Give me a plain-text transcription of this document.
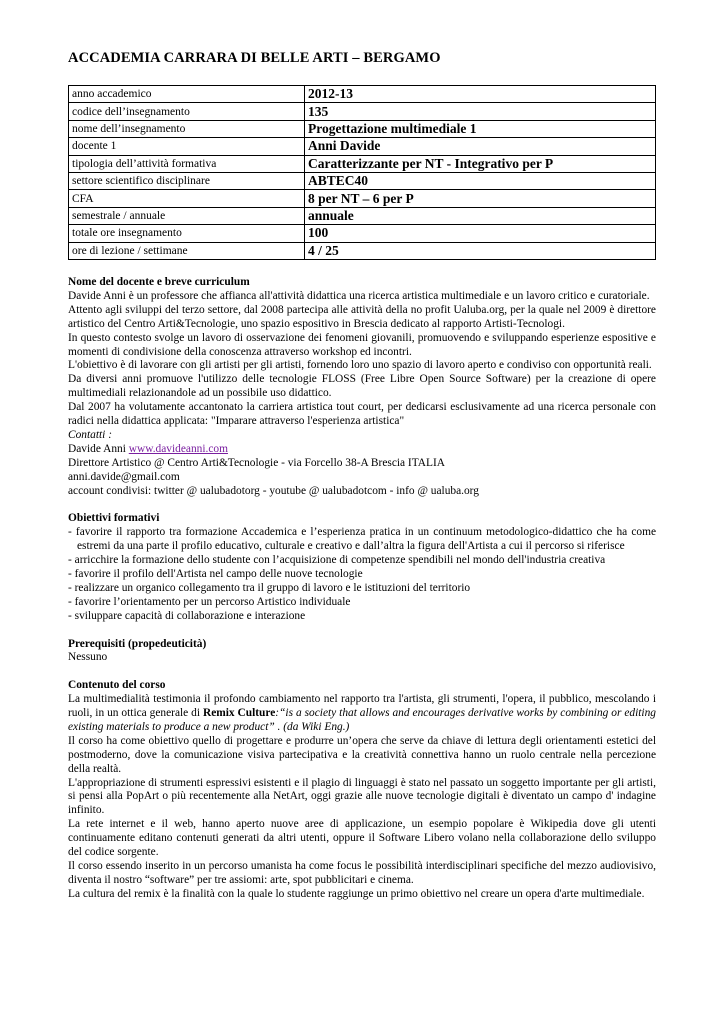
ACCADEMIA CARRARA DI BELLE ARTI – BERGAMO
anno accademico	2012-13
codice dell’insegnamento	135
nome dell’insegnamento	Progettazione multimediale 1
docente 1	Anni Davide
tipologia dell’attività formativa	Caratterizzante per NT - Integrativo per P
settore scientifico disciplinare	ABTEC40
CFA	8 per NT – 6 per P
semestrale / annuale	annuale
totale ore insegnamento	100
ore di lezione / settimane	4 / 25

Nome del docente e breve curriculum

Davide Anni è un professore che affianca all'attività didattica una ricerca artistica multimediale e un lavoro critico e curatoriale.

Attento agli sviluppi del terzo settore, dal 2008 partecipa alle attività della no profit Ualuba.org, per la quale nel 2009 è direttore artistico del Centro Arti&Tecnologie, uno spazio espositivo in Brescia dedicato al rapporto Artisti-Tecnologi.

In questo contesto svolge un lavoro di osservazione dei fenomeni giovanili, promuovendo e sviluppando esperienze espositive e momenti di condivisione della conoscenza attraverso workshop ed incontri.

L'obiettivo è di lavorare con gli artisti per gli artisti, fornendo loro uno spazio di lavoro aperto e condiviso con opportunità reali.

Da diversi anni promuove l'utilizzo delle tecnologie FLOSS (Free Libre Open Source Software) per la creazione di opere multimediali relazionandole ad un possibile uso didattico.

Dal 2007 ha volutamente accantonato la carriera artistica tout court, per dedicarsi esclusivamente ad una ricerca personale con radici nella didattica applicata: "Imparare attraverso l'esperienza artistica"

Contatti :

Davide Anni www.davideanni.com

Direttore Artistico @ Centro Arti&Tecnologie - via Forcello 38-A Brescia ITALIA

anni.davide@gmail.com

account condivisi: twitter @ ualubadotorg - youtube @ ualubadotcom - info @ ualuba.org

Obiettivi formativi

- favorire il rapporto tra formazione Accademica e l’esperienza pratica in un continuum metodologico-didattico che ha come estremi da una parte il profilo educativo, culturale e creativo e dall’altra la figura dell'Artista a cui il percorso si riferisce

- arricchire la formazione dello studente con l’acquisizione di competenze spendibili nel mondo dell'industria creativa

- favorire il profilo dell'Artista nel campo delle nuove tecnologie

- realizzare un organico collegamento tra il gruppo di lavoro e le istituzioni del territorio

- favorire l’orientamento per un percorso Artistico individuale

- sviluppare capacità di collaborazione e interazione

Prerequisiti (propedeuticità)

Nessuno

Contenuto del corso

La multimedialità testimonia il profondo cambiamento nel rapporto tra l'artista, gli strumenti, l'opera, il pubblico, mescolando i ruoli, in un ottica generale di Remix Culture:“is a society that allows and encourages derivative works by combining or editing existing materials to produce a new product” . (da Wiki Eng.)

Il corso ha come obiettivo quello di progettare e produrre un’opera che serve da chiave di lettura degli orientamenti estetici del postmoderno, dove la comunicazione visiva partecipativa e la creatività connettiva hanno un ruolo centrale nella percezione della realtà.

L'appropriazione di strumenti espressivi esistenti e il plagio di linguaggi è stato nel passato un soggetto importante per gli artisti, si pensi alla PopArt o più recentemente alla NetArt, oggi grazie alle nuove tecnologie digitali è diventato un campo d' indagine infinito.

La rete internet e il web, hanno aperto nuove aree di applicazione, un esempio popolare è Wikipedia dove gli utenti continuamente editano contenuti generati da altri utenti, oppure il Software Libero volano nella collaborazione dello sviluppo del codice sorgente.

Il corso essendo inserito in un percorso umanista ha come focus le possibilità interdisciplinari specifiche del mezzo audiovisivo, diventa il nostro “software” per tre assiomi: arte, spot pubblicitari e cinema.

La cultura del remix è la finalità con la quale lo studente raggiunge un primo obiettivo nel creare un opera d'arte multimediale.
